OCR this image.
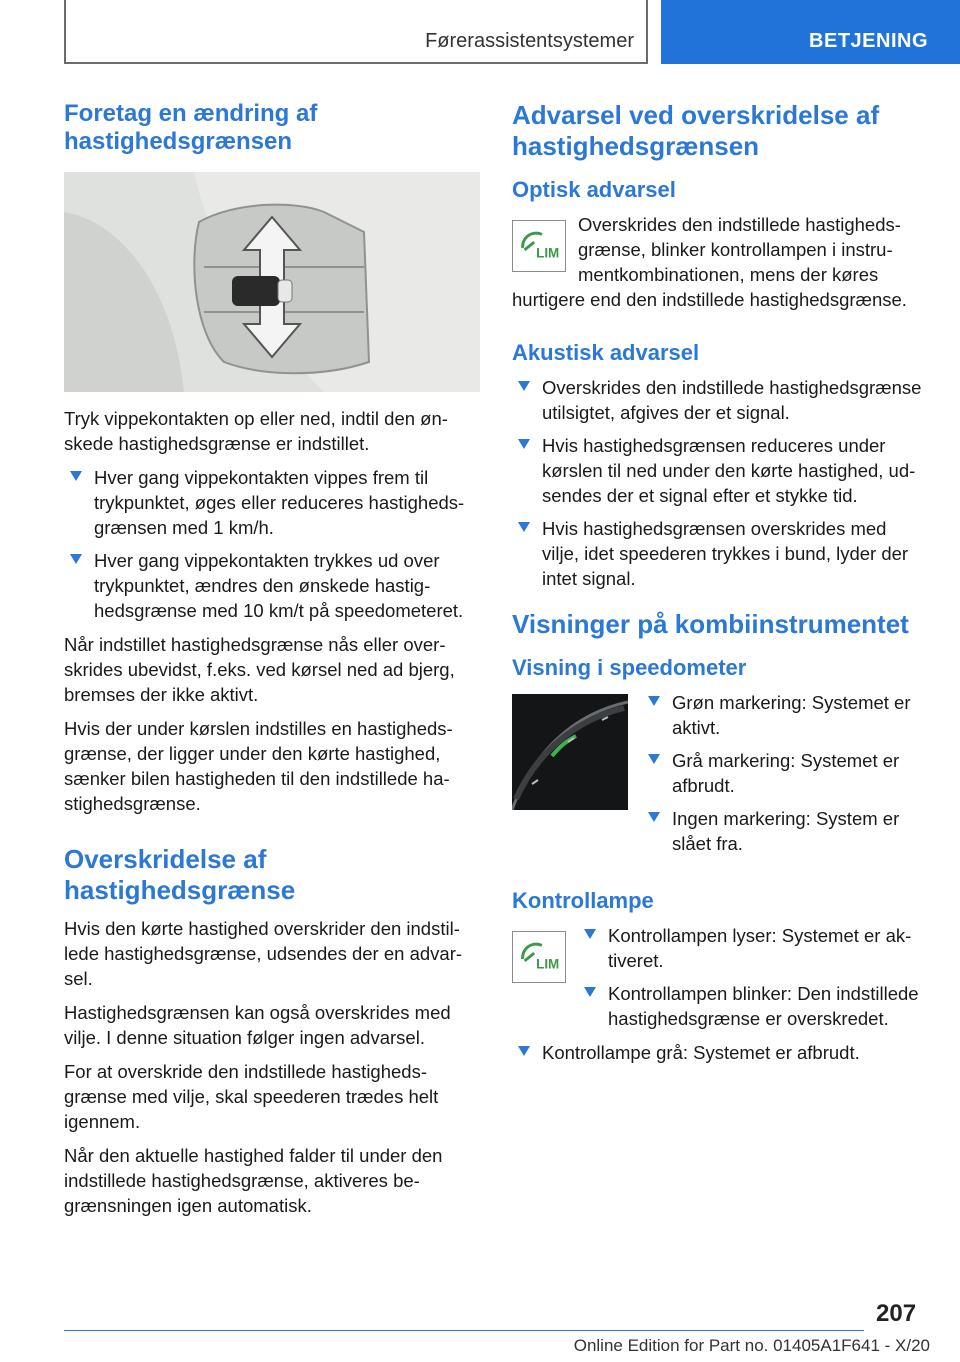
Førerassistentsystemer	BETJENING
Foretag en ændring af hastighedsgrænsen

Tryk vippekontakten op eller ned, indtil den ønskede hastighedsgrænse er indstillet.

Hver gang vippekontakten vippes frem til trykpunktet, øges eller reduceres hastighedsgrænsen med 1 km/h.
Hver gang vippekontakten trykkes ud over trykpunktet, ændres den ønskede hastighedsgrænse med 10 km/t på speedometeret.

Når indstillet hastighedsgrænse nås eller overskrides ubevidst, f.eks. ved kørsel ned ad bjerg, bremses der ikke aktivt.

Hvis der under kørslen indstilles en hastighedsgrænse, der ligger under den kørte hastighed, sænker bilen hastigheden til den indstillede hastighedsgrænse.

Overskridelse af hastighedsgrænse

Hvis den kørte hastighed overskrider den indstillede hastighedsgrænse, udsendes der en advarsel.

Hastighedsgrænsen kan også overskrides med vilje. I denne situation følger ingen advarsel.

For at overskride den indstillede hastighedsgrænse med vilje, skal speederen trædes helt igennem.

Når den aktuelle hastighed falder til under den indstillede hastighedsgrænse, aktiveres begrænsningen igen automatisk.

Advarsel ved overskridelse af hastighedsgrænsen
Optisk advarsel
LIM

Overskrides den indstillede hastighedsgrænse, blinker kontrollampen i instrumentkombinationen, mens der køres hurtigere end den indstillede hastighedsgrænse.

Akustisk advarsel
Overskrides den indstillede hastighedsgrænse utilsigtet, afgives der et signal.
Hvis hastighedsgrænsen reduceres under kørslen til ned under den kørte hastighed, udsendes der et signal efter et stykke tid.
Hvis hastighedsgrænsen overskrides med vilje, idet speederen trykkes i bund, lyder der intet signal.
Visninger på kombiinstrumentet
Visning i speedometer
Grøn markering: Systemet er aktivt.
Grå markering: Systemet er afbrudt.
Ingen markering: System er slået fra.
Kontrollampe
LIM
Kontrollampen lyser: Systemet er aktiveret.
Kontrollampen blinker: Den indstillede hastighedsgrænse er overskredet.
Kontrollampe grå: Systemet er afbrudt.
207
Online Edition for Part no. 01405A1F641 - X/20
